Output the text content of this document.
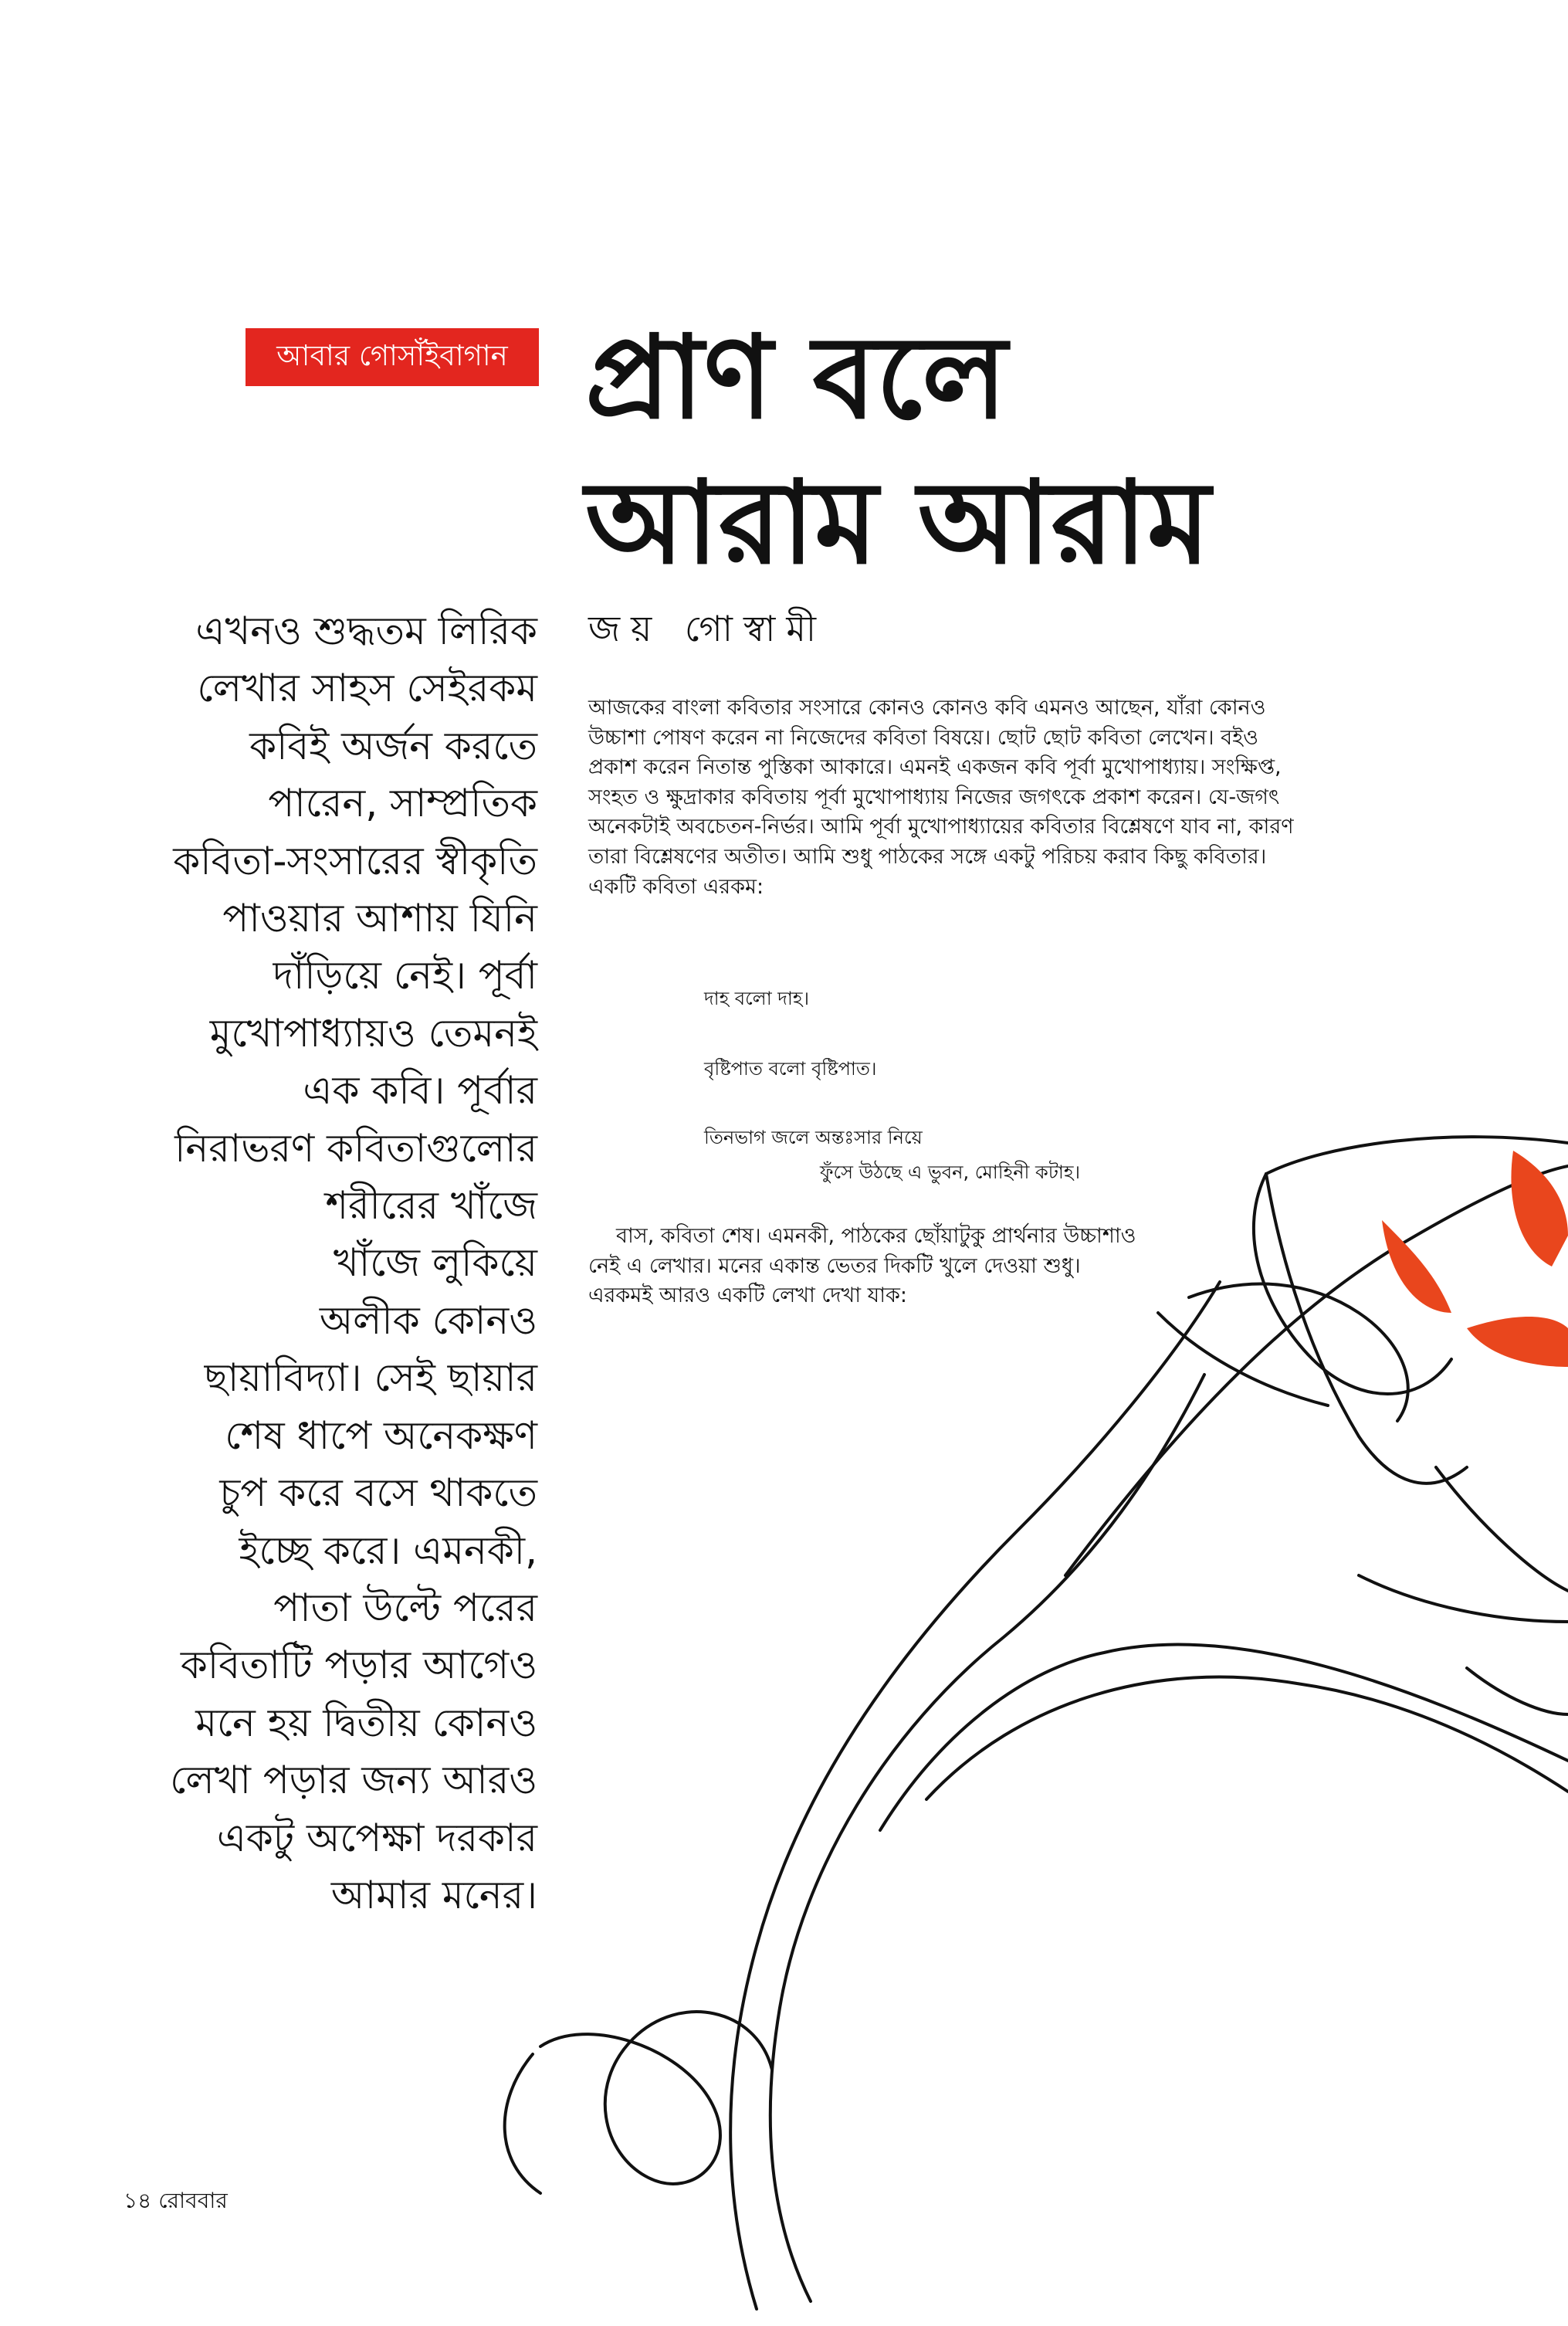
আবার গোসাঁইবাগান প্রাণ বলে
আরাম আরাম
জয় গোস্বামী
এখনও শুদ্ধতম লিরিক
লেখার সাহস সেইরকম
কবিই অর্জন করতে
পারেন, সাম্প্রতিক
কবিতা-সংসারের স্বীকৃতি
পাওয়ার আশায় যিনি
দাঁড়িয়ে নেই। পূর্বা
মুখোপাধ্যায়ও তেমনই
এক কবি। পূর্বার
নিরাভরণ কবিতাগুলোর
শরীরের খাঁজে
খাঁজে লুকিয়ে
অলীক কোনও
ছায়াবিদ্যা। সেই ছায়ার
শেষ ধাপে অনেকক্ষণ
চুপ করে বসে থাকতে
ইচ্ছে করে। এমনকী,
পাতা উল্টে পরের
কবিতাটি পড়ার আগেও
মনে হয় দ্বিতীয় কোনও
লেখা পড়ার জন্য আরও
একটু অপেক্ষা দরকার
আমার মনের।
আজকের বাংলা কবিতার সংসারে কোনও কোনও কবি এমনও আছেন, যাঁরা কোনও
উচ্চাশা পোষণ করেন না নিজেদের কবিতা বিষয়ে। ছোট ছোট কবিতা লেখেন। বইও
প্রকাশ করেন নিতান্ত পুস্তিকা আকারে। এমনই একজন কবি পূর্বা মুখোপাধ্যায়। সংক্ষিপ্ত,
সংহত ও ক্ষুদ্রাকার কবিতায় পূর্বা মুখোপাধ্যায় নিজের জগৎকে প্রকাশ করেন। যে-জগৎ
অনেকটাই অবচেতন-নির্ভর। আমি পূর্বা মুখোপাধ্যায়ের কবিতার বিশ্লেষণে যাব না, কারণ
তারা বিশ্লেষণের অতীত। আমি শুধু পাঠকের সঙ্গে একটু পরিচয় করাব কিছু কবিতার।
একটি কবিতা এরকম:
দাহ বলো দাহ।
বৃষ্টিপাত বলো বৃষ্টিপাত।
তিনভাগ জলে অন্তঃসার নিয়ে
ফুঁসে উঠছে এ ভুবন, মোহিনী কটাহ।
বাস, কবিতা শেষ। এমনকী, পাঠকের ছোঁয়াটুকু প্রার্থনার উচ্চাশাও
নেই এ লেখার। মনের একান্ত ভেতর দিকটি খুলে দেওয়া শুধু।
এরকমই আরও একটি লেখা দেখা যাক:
১৪ রোববার
